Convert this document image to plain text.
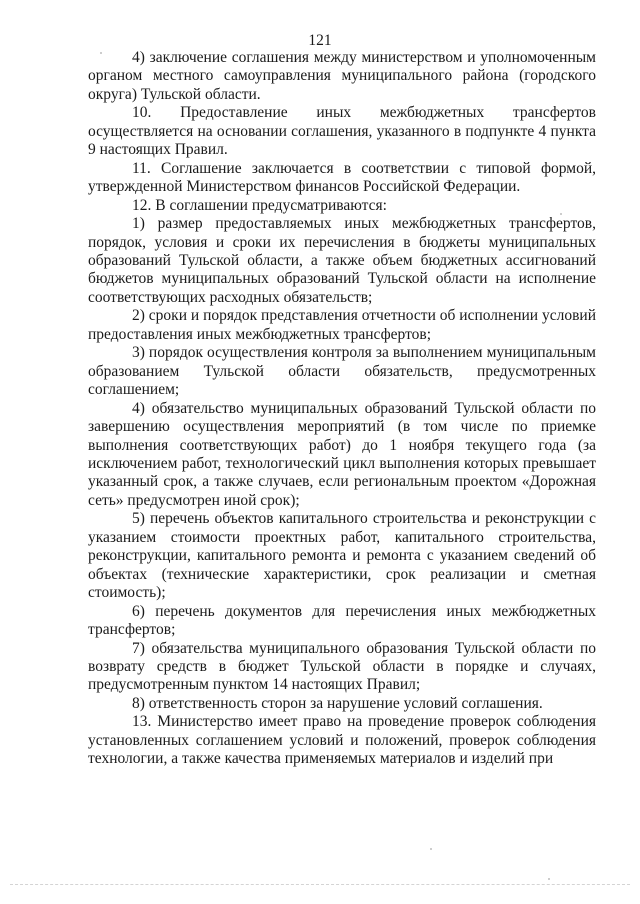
121

4) заключение соглашения между министерством и уполномоченным органом местного самоуправления муниципального района (городского округа) Тульской области.

10. Предоставление иных межбюджетных трансфертов осуществляется на основании соглашения, указанного в подпункте 4 пункта 9 настоящих Правил.

11. Соглашение заключается в соответствии с типовой формой, утвержденной Министерством финансов Российской Федерации.

12. В соглашении предусматриваются:

1) размер предоставляемых иных межбюджетных трансфертов, порядок, условия и сроки их перечисления в бюджеты муниципальных образований Тульской области, а также объем бюджетных ассигнований бюджетов муниципальных образований Тульской области на исполнение соответствующих расходных обязательств;

2) сроки и порядок представления отчетности об исполнении условий предоставления иных межбюджетных трансфертов;

3) порядок осуществления контроля за выполнением муниципальным образованием Тульской области обязательств, предусмотренных соглашением;

4) обязательство муниципальных образований Тульской области по завершению осуществления мероприятий (в том числе по приемке выполнения соответствующих работ) до 1 ноября текущего года (за исключением работ, технологический цикл выполнения которых превышает указанный срок, а также случаев, если региональным проектом «Дорожная сеть» предусмотрен иной срок);

5) перечень объектов капитального строительства и реконструкции с указанием стоимости проектных работ, капитального строительства, реконструкции, капитального ремонта и ремонта с указанием сведений об объектах (технические характеристики, срок реализации и сметная стоимость);

6) перечень документов для перечисления иных межбюджетных трансфертов;

7) обязательства муниципального образования Тульской области по возврату средств в бюджет Тульской области в порядке и случаях, предусмотренным пунктом 14 настоящих Правил;

8) ответственность сторон за нарушение условий соглашения.

13. Министерство имеет право на проведение проверок соблюдения установленных соглашением условий и положений, проверок соблюдения технологии, а также качества применяемых материалов и изделий при
